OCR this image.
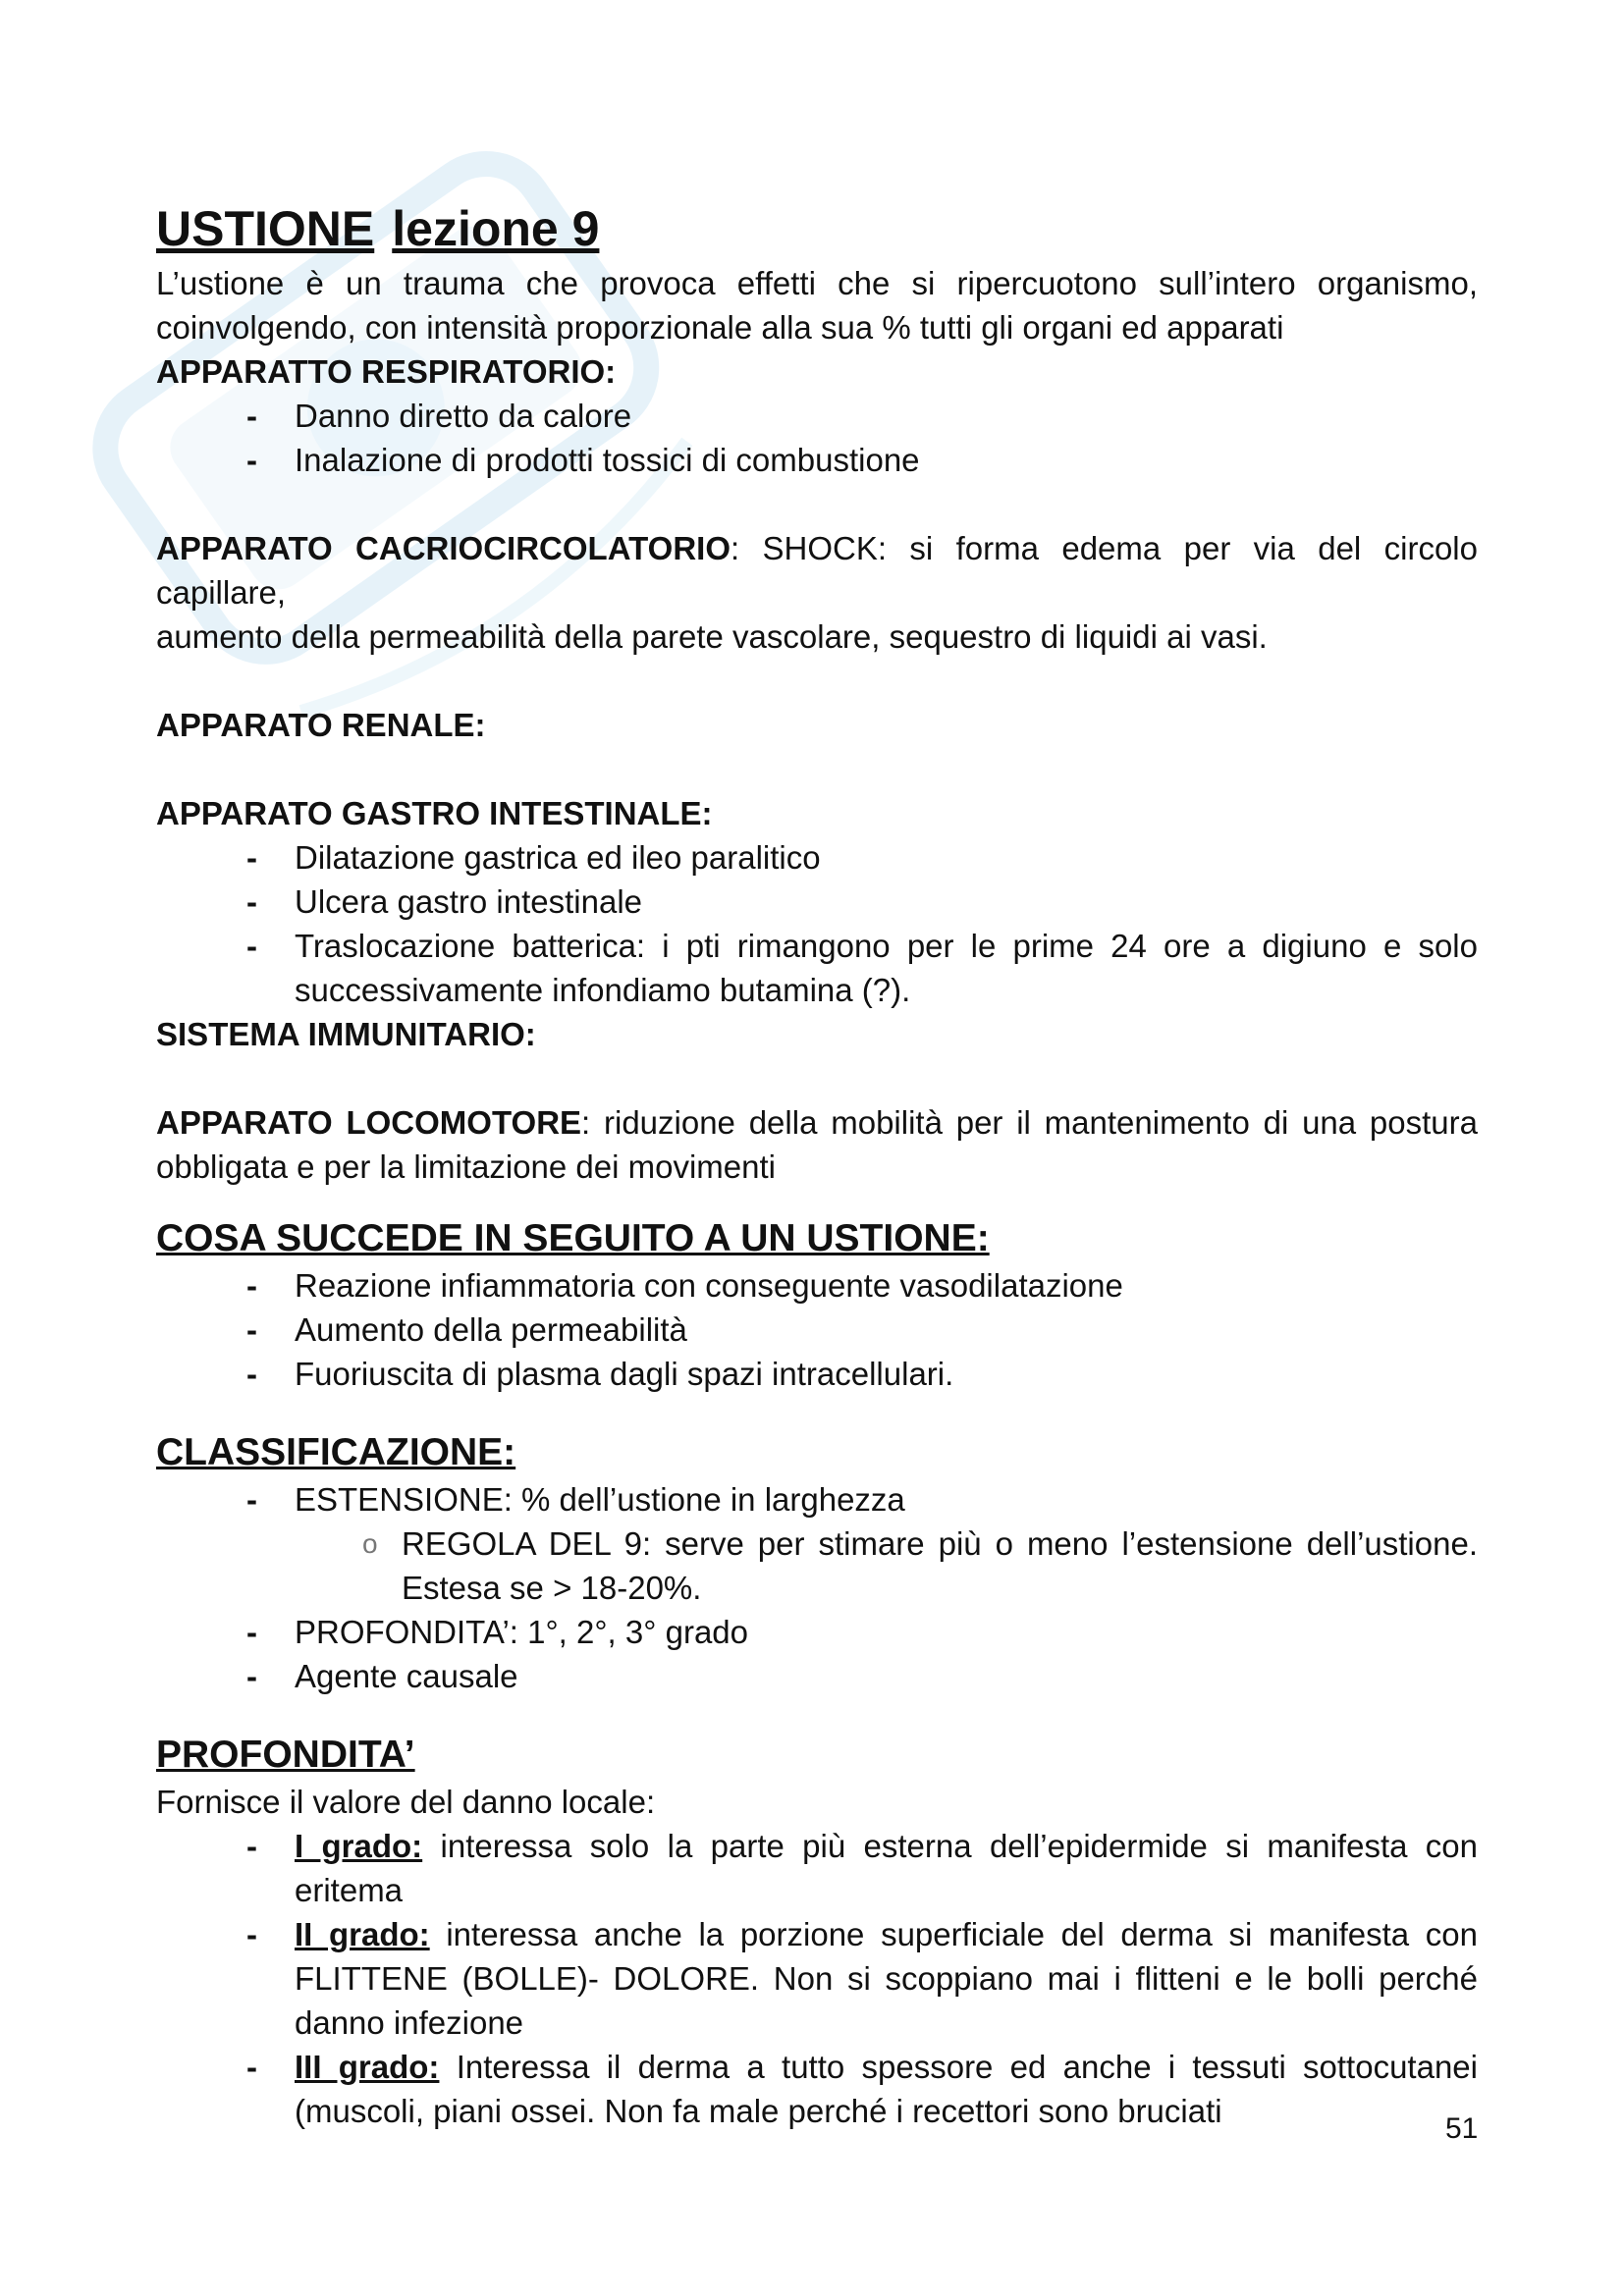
USTIONE lezione 9

L’ustione è un trauma che provoca effetti che si ripercuotono sull’intero organismo,

coinvolgendo, con intensità proporzionale alla sua % tutti gli organi ed apparati

APPARATTO RESPIRATORIO:

- Danno diretto da calore
- Inalazione di prodotti tossici di combustione

APPARATO CACRIOCIRCOLATORIO: SHOCK: si forma edema per via del circolo capillare,

aumento della permeabilità della parete vascolare, sequestro di liquidi ai vasi.

APPARATO RENALE:

APPARATO GASTRO INTESTINALE:

- Dilatazione gastrica ed ileo paralitico
- Ulcera gastro intestinale
- Traslocazione batterica: i pti rimangono per le prime 24 ore a digiuno e solo successivamente infondiamo butamina (?).

SISTEMA IMMUNITARIO:

APPARATO LOCOMOTORE: riduzione della mobilità per il mantenimento di una postura

obbligata e per la limitazione dei movimenti

COSA SUCCEDE IN SEGUITO A UN USTIONE:

- Reazione infiammatoria con conseguente vasodilatazione
- Aumento della permeabilità
- Fuoriuscita di plasma dagli spazi intracellulari.

CLASSIFICAZIONE:

- ESTENSIONE: % dell’ustione in larghezza
o REGOLA DEL 9: serve per stimare più o meno l’estensione dell’ustione. Estesa se > 18-20%.
- PROFONDITA’: 1°, 2°, 3° grado
- Agente causale

PROFONDITA’

Fornisce il valore del danno locale:

- I grado: interessa solo la parte più esterna dell’epidermide si manifesta con eritema
- II grado: interessa anche la porzione superficiale del derma si manifesta con FLITTENE (BOLLE)- DOLORE. Non si scoppiano mai i flitteni e le bolli perché danno infezione
- III grado: Interessa il derma a tutto spessore ed anche i tessuti sottocutanei (muscoli, piani ossei. Non fa male perché i recettori sono bruciati	51
